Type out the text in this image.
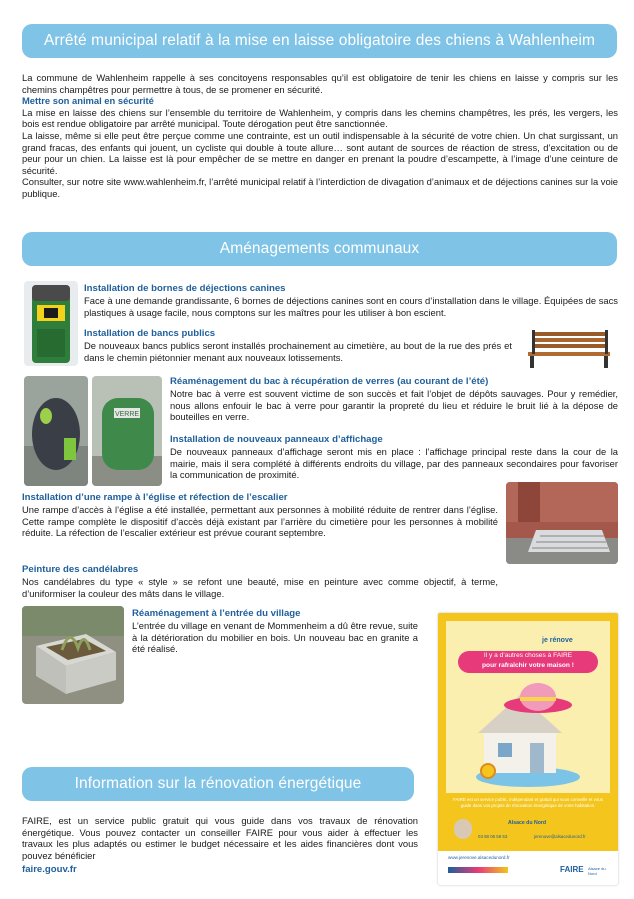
Arrêté municipal relatif à la mise en laisse obligatoire des chiens à Wahlenheim

La commune de Wahlenheim rappelle à ses concitoyens responsables qu’il est obligatoire de tenir les chiens en laisse y compris sur les chemins champêtres pour permettre à tous, de se promener en sécurité.

Mettre son animal en sécurité

La mise en laisse des chiens sur l’ensemble du territoire de Wahlenheim, y compris dans les chemins champêtres, les prés, les vergers, les bois est rendue obligatoire par arrêté municipal. Toute dérogation peut être sanctionnée.

La laisse, même si elle peut être perçue comme une contrainte, est un outil indispensable à la sécurité de votre chien. Un chat surgissant, un grand fracas, des enfants qui jouent, un cycliste qui double à toute allure… sont autant de sources de réaction de stress, d’excitation ou de peur pour un chien. La laisse est là pour empêcher de se mettre en danger en prenant la poudre d’escampette, à l’image d’une ceinture de sécurité.

Consulter, sur notre site www.wahlenheim.fr, l’arrêté municipal relatif à l’interdiction de divagation d’animaux et de déjections canines sur la voie publique.

Aménagements communaux
Installation de bornes de déjections canines
Face à une demande grandissante, 6 bornes de déjections canines sont en cours d’installation dans le village. Équipées de sacs plastiques à usage facile, nous comptons sur les maîtres pour les utiliser à bon escient.
Installation de bancs publics
De nouveaux bancs publics seront installés prochainement au cimetière, au bout de la rue des prés et dans le chemin piétonnier menant aux nouveaux lotissements.
VERRE
Réaménagement du bac à récupération de verres (au courant de l’été)
Notre bac à verre est souvent victime de son succès et fait l’objet de dépôts sauvages. Pour y remédier, nous allons enfouir le bac à verre pour garantir la propreté du lieu et réduire le bruit lié à la dépose de bouteilles en verre.
Installation de nouveaux panneaux d’affichage
De nouveaux panneaux d’affichage seront mis en place : l’affichage principal reste dans la cour de la mairie, mais il sera complété à différents endroits du village, par des panneaux secondaires pour favoriser la communication de proximité.
Installation d’une rampe à l’église et réfection de l’escalier
Une rampe d’accès à l’église a été installée, permettant aux personnes à mobilité réduite de rentrer dans l’église. Cette rampe complète le dispositif d’accès déjà existant par l’arrière du cimetière pour les personnes à mobilité réduite. La réfection de l’escalier extérieur est prévue courant septembre.
Peinture des candélabres
Nos candélabres du type « style » se refont une beauté, mise en peinture avec comme objectif, à terme, d’uniformiser la couleur des mâts dans le village.
Réaménagement à l’entrée du village
L’entrée du village en venant de Mommenheim a dû être revue, suite à la détérioration du mobilier en bois. Un nouveau bac en granite a été réalisé.
je rénove
Il y a d’autres choses à FAIRE
pour rafraîchir votre maison !
FAIRE est un service public, indépendant et gratuit qui vous conseille et vous guide dans vos projets de rénovation énergétique de votre habitation.
Alsace du Nord
03 88 06 59 53	jerenove@alsacedunord.fr
www.jerenove.alsacedunord.fr
FAIRE Alsace du Nord
Information sur la rénovation énergétique
FAIRE, est un service public gratuit qui vous guide dans vos travaux de rénovation énergétique. Vous pouvez contacter un conseiller FAIRE pour vous aider à effectuer les travaux les plus adaptés ou estimer le budget nécessaire et les aides financières dont vous pouvez bénéficier
faire.gouv.fr
